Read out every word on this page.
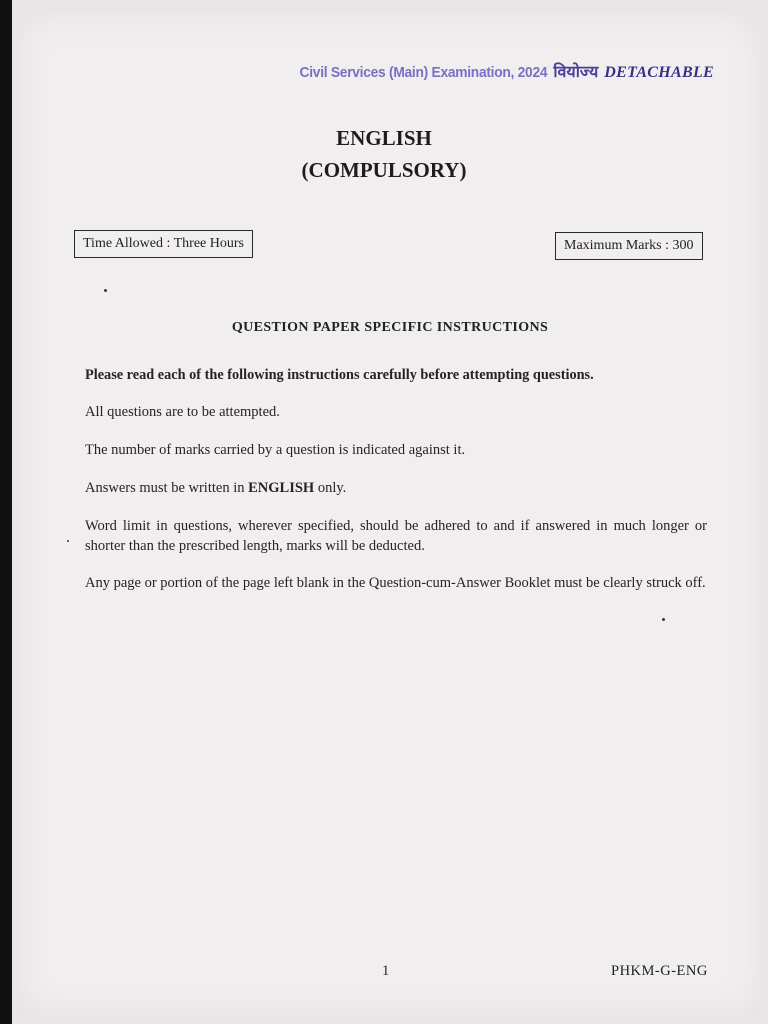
Civil Services (Main) Examination, 2024 वियोज्य DETACHABLE
ENGLISH
(COMPULSORY)
Time Allowed : Three Hours	Maximum Marks : 300
QUESTION PAPER SPECIFIC INSTRUCTIONS
Please read each of the following instructions carefully before attempting questions.
All questions are to be attempted.
The number of marks carried by a question is indicated against it.
Answers must be written in ENGLISH only.
Word limit in questions, wherever specified, should be adhered to and if answered in much longer or shorter than the prescribed length, marks will be deducted.
Any page or portion of the page left blank in the Question-cum-Answer Booklet must be clearly struck off.
1	PHKM-G-ENG
